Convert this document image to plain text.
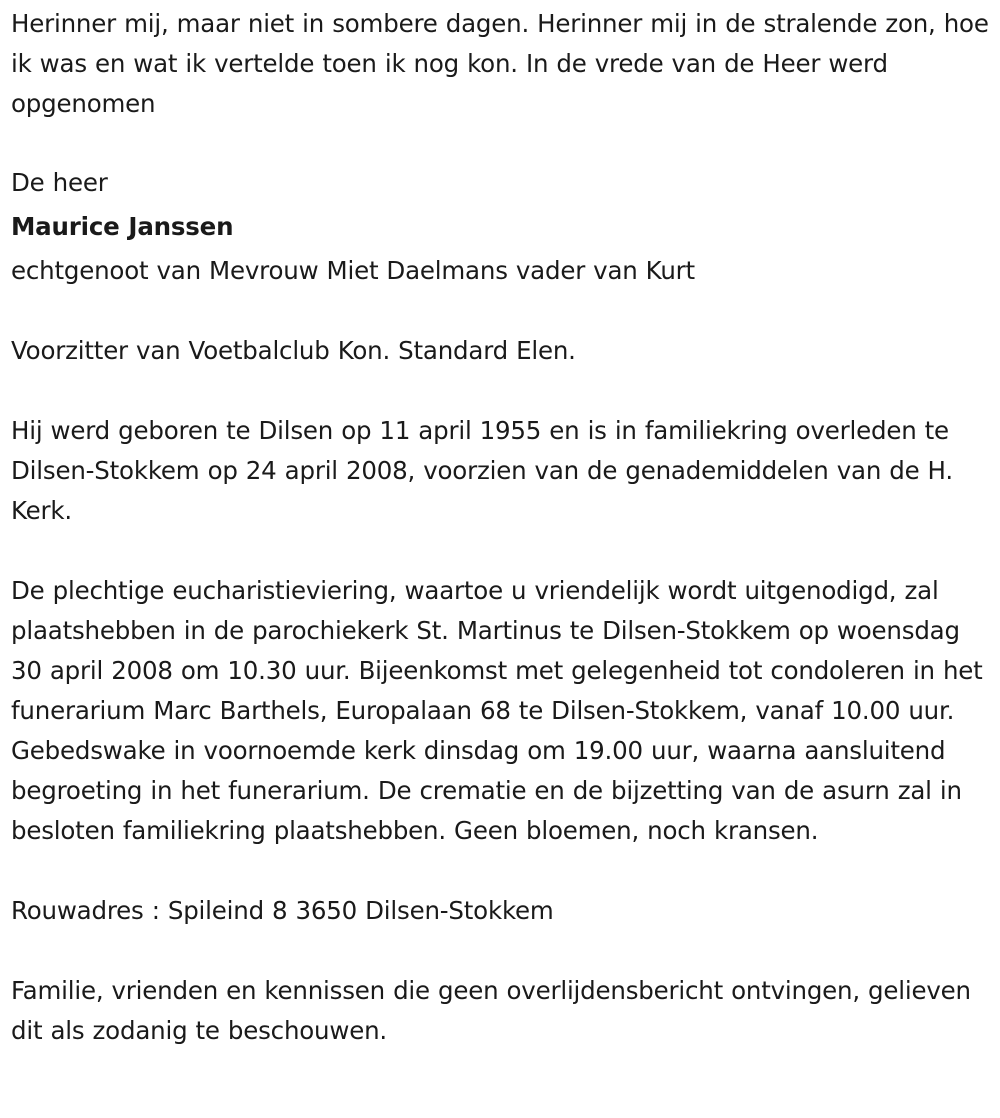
Herinner mij, maar niet in sombere dagen. Herinner mij in de stralende zon, hoe ik was en wat ik vertelde toen ik nog kon. In de vrede van de Heer werd opgenomen

De heer

Maurice Janssen

echtgenoot van Mevrouw Miet Daelmans vader van Kurt

Voorzitter van Voetbalclub Kon. Standard Elen.

Hij werd geboren te Dilsen op 11 april 1955 en is in familiekring overleden te Dilsen-Stokkem op 24 april 2008, voorzien van de genademiddelen van de H. Kerk.

De plechtige eucharistieviering, waartoe u vriendelijk wordt uitgenodigd, zal plaatshebben in de parochiekerk St. Martinus te Dilsen-Stokkem op woensdag 30 april 2008 om 10.30 uur. Bijeenkomst met gelegenheid tot condoleren in het funerarium Marc Barthels, Europalaan 68 te Dilsen-Stokkem, vanaf 10.00 uur. Gebedswake in voornoemde kerk dinsdag om 19.00 uur, waarna aansluitend begroeting in het funerarium. De crematie en de bijzetting van de asurn zal in besloten familiekring plaatshebben. Geen bloemen, noch kransen.

Rouwadres : Spileind 8 3650 Dilsen-Stokkem

Familie, vrienden en kennissen die geen overlijdensbericht ontvingen, gelieven dit als zodanig te beschouwen.
